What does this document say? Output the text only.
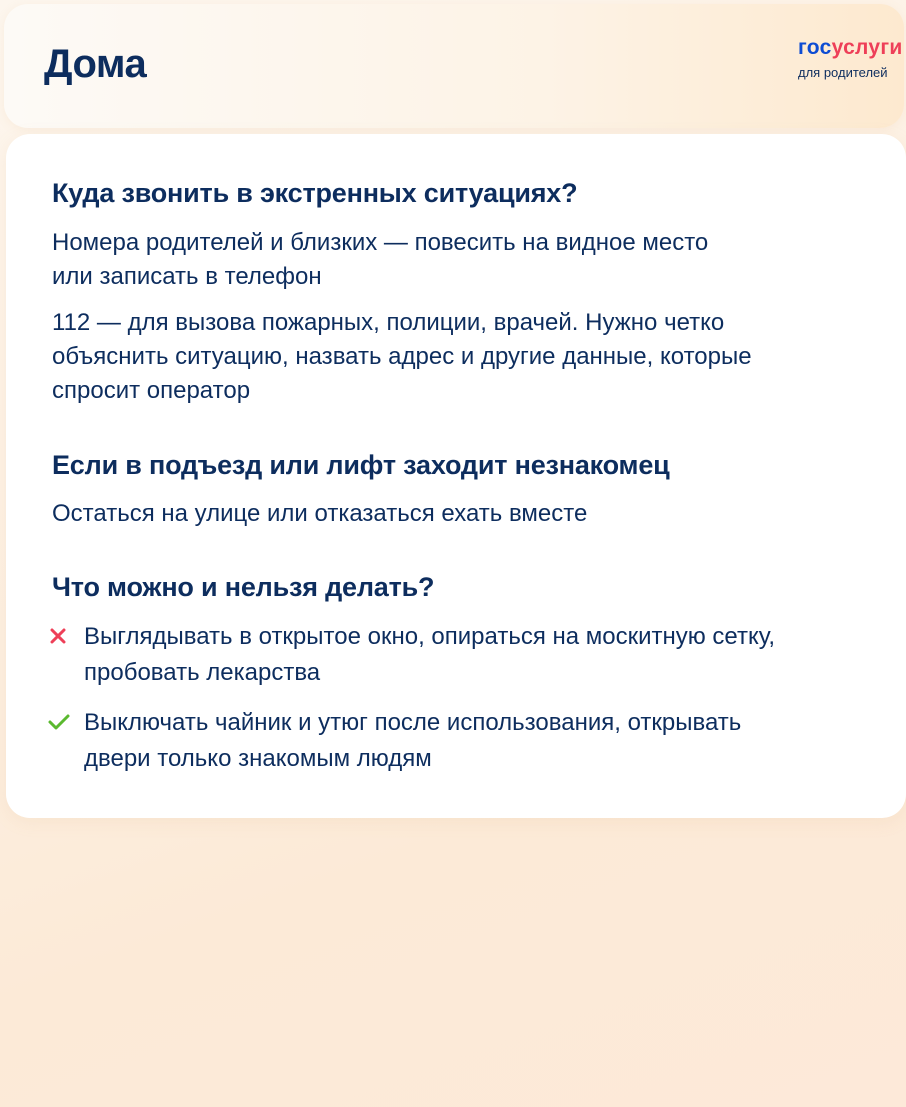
Дома	госуслуги
для родителей
Куда звонить в экстренных ситуациях?

Номера родителей и близких — повесить на видное место

или записать в телефон

112 — для вызова пожарных, полиции, врачей. Нужно четко

объяснить ситуацию, назвать адрес и другие данные, которые

спросит оператор

Если в подъезд или лифт заходит незнакомец

Остаться на улице или отказаться ехать вместе

Что можно и нельзя делать?

Выглядывать в открытое окно, опираться на москитную сетку,

пробовать лекарства

Выключать чайник и утюг после использования, открывать

двери только знакомым людям
